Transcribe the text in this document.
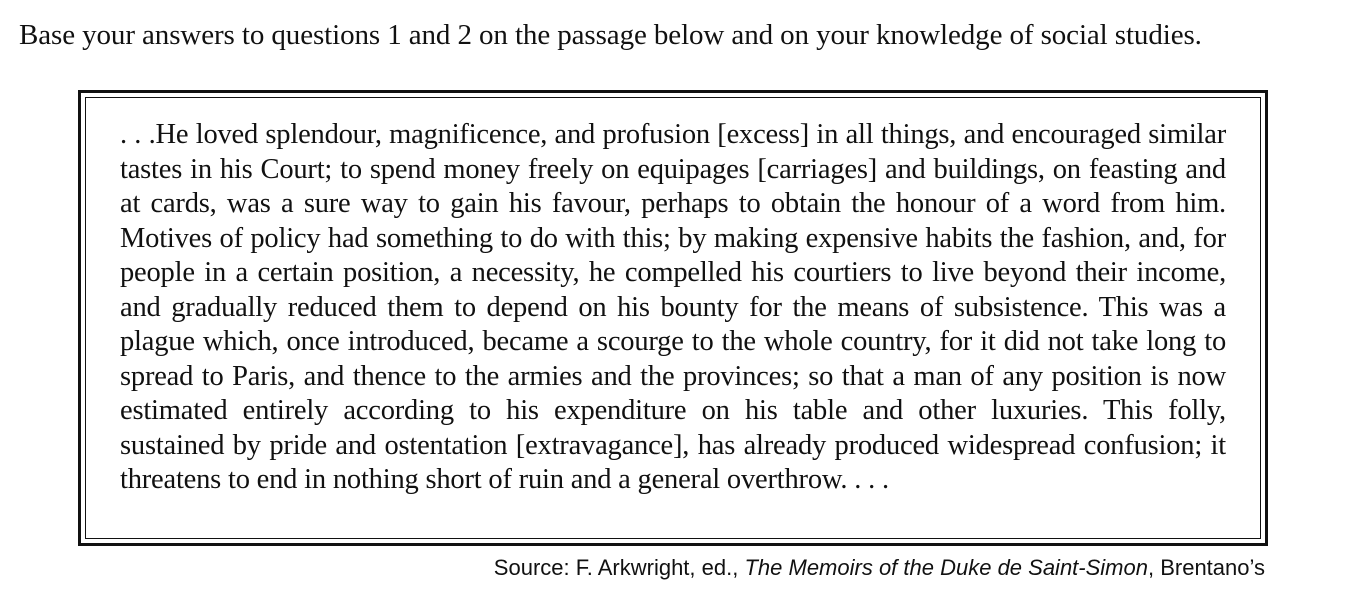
Base your answers to questions 1 and 2 on the passage below and on your knowledge of social studies.

. . .He loved splendour, magnificence, and profusion [excess] in all things, and encouraged similar tastes in his Court; to spend money freely on equipages [carriages] and buildings, on feasting and at cards, was a sure way to gain his favour, perhaps to obtain the honour of a word from him. Motives of policy had something to do with this; by making expensive habits the fashion, and, for people in a certain position, a necessity, he compelled his courtiers to live beyond their income, and gradually reduced them to depend on his bounty for the means of subsistence. This was a plague which, once introduced, became a scourge to the whole country, for it did not take long to spread to Paris, and thence to the armies and the provinces; so that a man of any position is now estimated entirely according to his expenditure on his table and other luxuries. This folly, sustained by pride and ostentation [extravagance], has already produced widespread confusion; it threatens to end in nothing short of ruin and a general overthrow. . . .

Source: F. Arkwright, ed., The Memoirs of the Duke de Saint-Simon, Brentano’s
